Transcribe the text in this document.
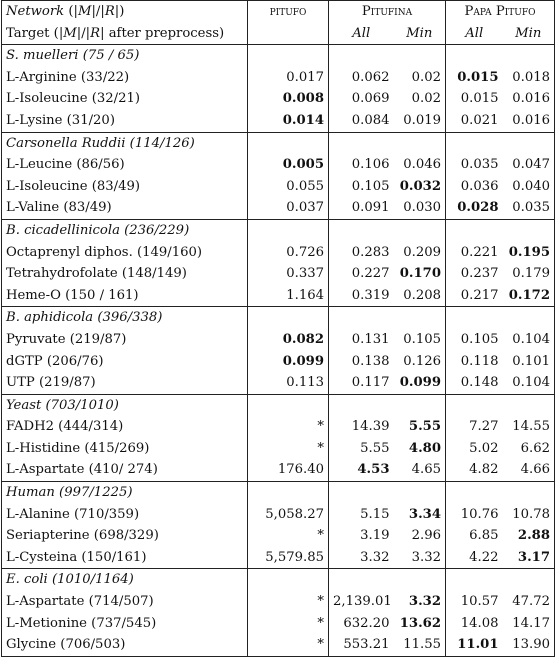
Network (|M|/|R|)	pitufo	Pitufina		Papa Pitufo	
Target (|M|/|R| after preprocess)		All	Min	All	Min
S. muelleri (75 / 65)					
L-Arginine (33/22)	0.017	0.062	0.02	0.015	0.018
L-Isoleucine (32/21)	0.008	0.069	0.02	0.015	0.016
L-Lysine (31/20)	0.014	0.084	0.019	0.021	0.016
Carsonella Ruddii (114/126)					
L-Leucine (86/56)	0.005	0.106	0.046	0.035	0.047
L-Isoleucine (83/49)	0.055	0.105	0.032	0.036	0.040
L-Valine (83/49)	0.037	0.091	0.030	0.028	0.035
B. cicadellinicola (236/229)					
Octaprenyl diphos. (149/160)	0.726	0.283	0.209	0.221	0.195
Tetrahydrofolate (148/149)	0.337	0.227	0.170	0.237	0.179
Heme-O (150 / 161)	1.164	0.319	0.208	0.217	0.172
B. aphidicola (396/338)					
Pyruvate (219/87)	0.082	0.131	0.105	0.105	0.104
dGTP (206/76)	0.099	0.138	0.126	0.118	0.101
UTP (219/87)	0.113	0.117	0.099	0.148	0.104
Yeast (703/1010)					
FADH2 (444/314)	*	14.39	5.55	7.27	14.55
L-Histidine (415/269)	*	5.55	4.80	5.02	6.62
L-Aspartate (410/ 274)	176.40	4.53	4.65	4.82	4.66
Human (997/1225)					
L-Alanine (710/359)	5,058.27	5.15	3.34	10.76	10.78
Seriapterine (698/329)	*	3.19	2.96	6.85	2.88
L-Cysteina (150/161)	5,579.85	3.32	3.32	4.22	3.17
E. coli (1010/1164)					
L-Aspartate (714/507)	*	2,139.01	3.32	10.57	47.72
L-Metionine (737/545)	*	632.20	13.62	14.08	14.17
Glycine (706/503)	*	553.21	11.55	11.01	13.90
